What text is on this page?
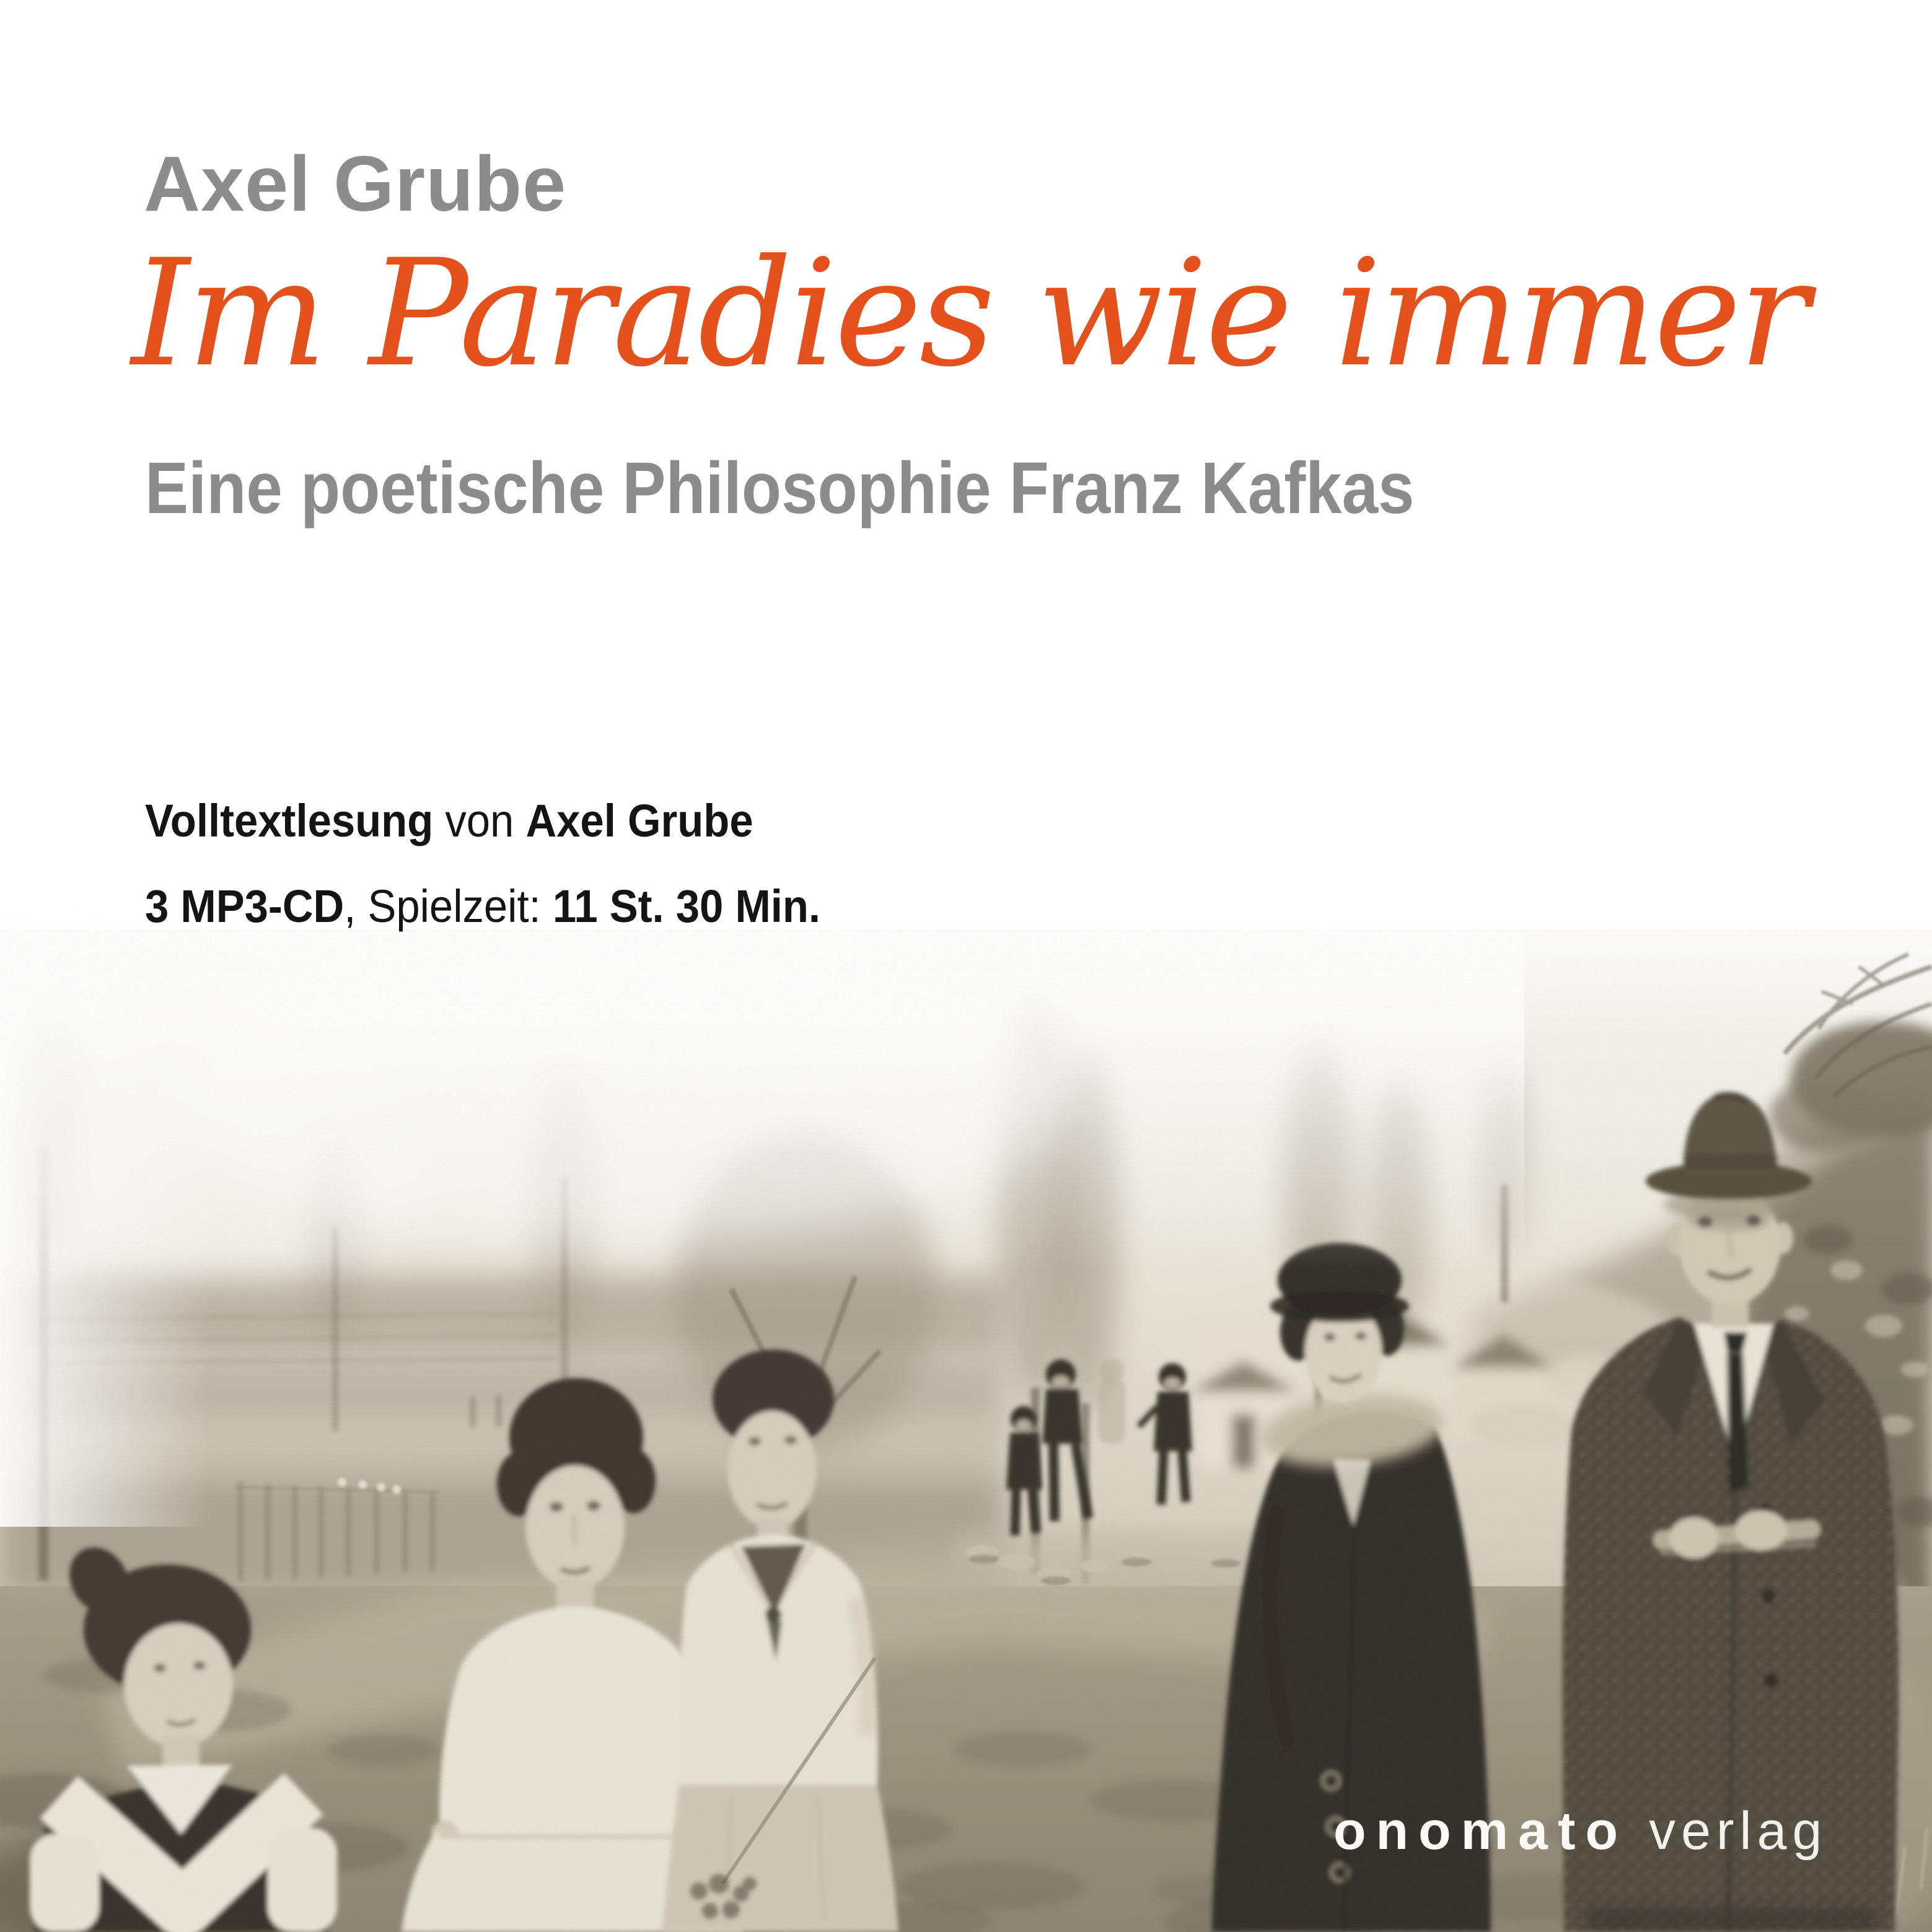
Axel Grube
Im Paradies wie immer
Eine poetische Philosophie Franz Kafkas
Volltextlesung von Axel Grube
3 MP3-CD, Spielzeit: 11 St. 30 Min.
onomato verlag
